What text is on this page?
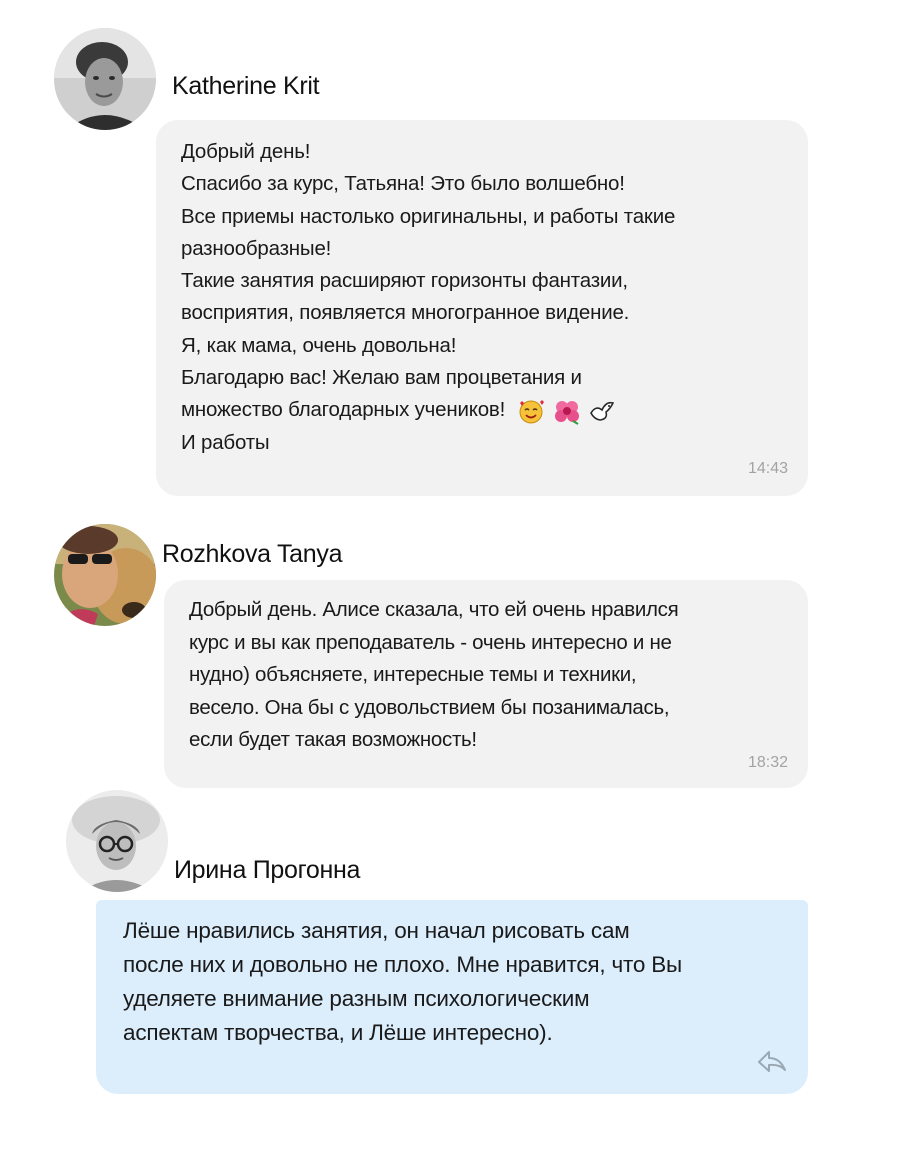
Katherine Krit
Добрый день!
Спасибо за курс, Татьяна! Это было волшебно!
Все приемы настолько оригинальны, и работы такие
разнообразные!
Такие занятия расширяют горизонты фантазии,
восприятия, появляется многогранное видение.
Я, как мама, очень довольна!
Благодарю вас! Желаю вам процветания и
множество благодарных учеников!
И работы
14:43
Rozhkova Tanya
Добрый день. Алисе сказала, что ей очень нравился
курс и вы как преподаватель - очень интересно и не
нудно) объясняете, интересные темы и техники,
весело. Она бы с удовольствием бы позанималась,
если будет такая возможность!
18:32
Ирина Прогонна
Лёше нравились занятия, он начал рисовать сам
после них и довольно не плохо. Мне нравится, что Вы
уделяете внимание разным психологическим
аспектам творчества, и Лёше интересно).
